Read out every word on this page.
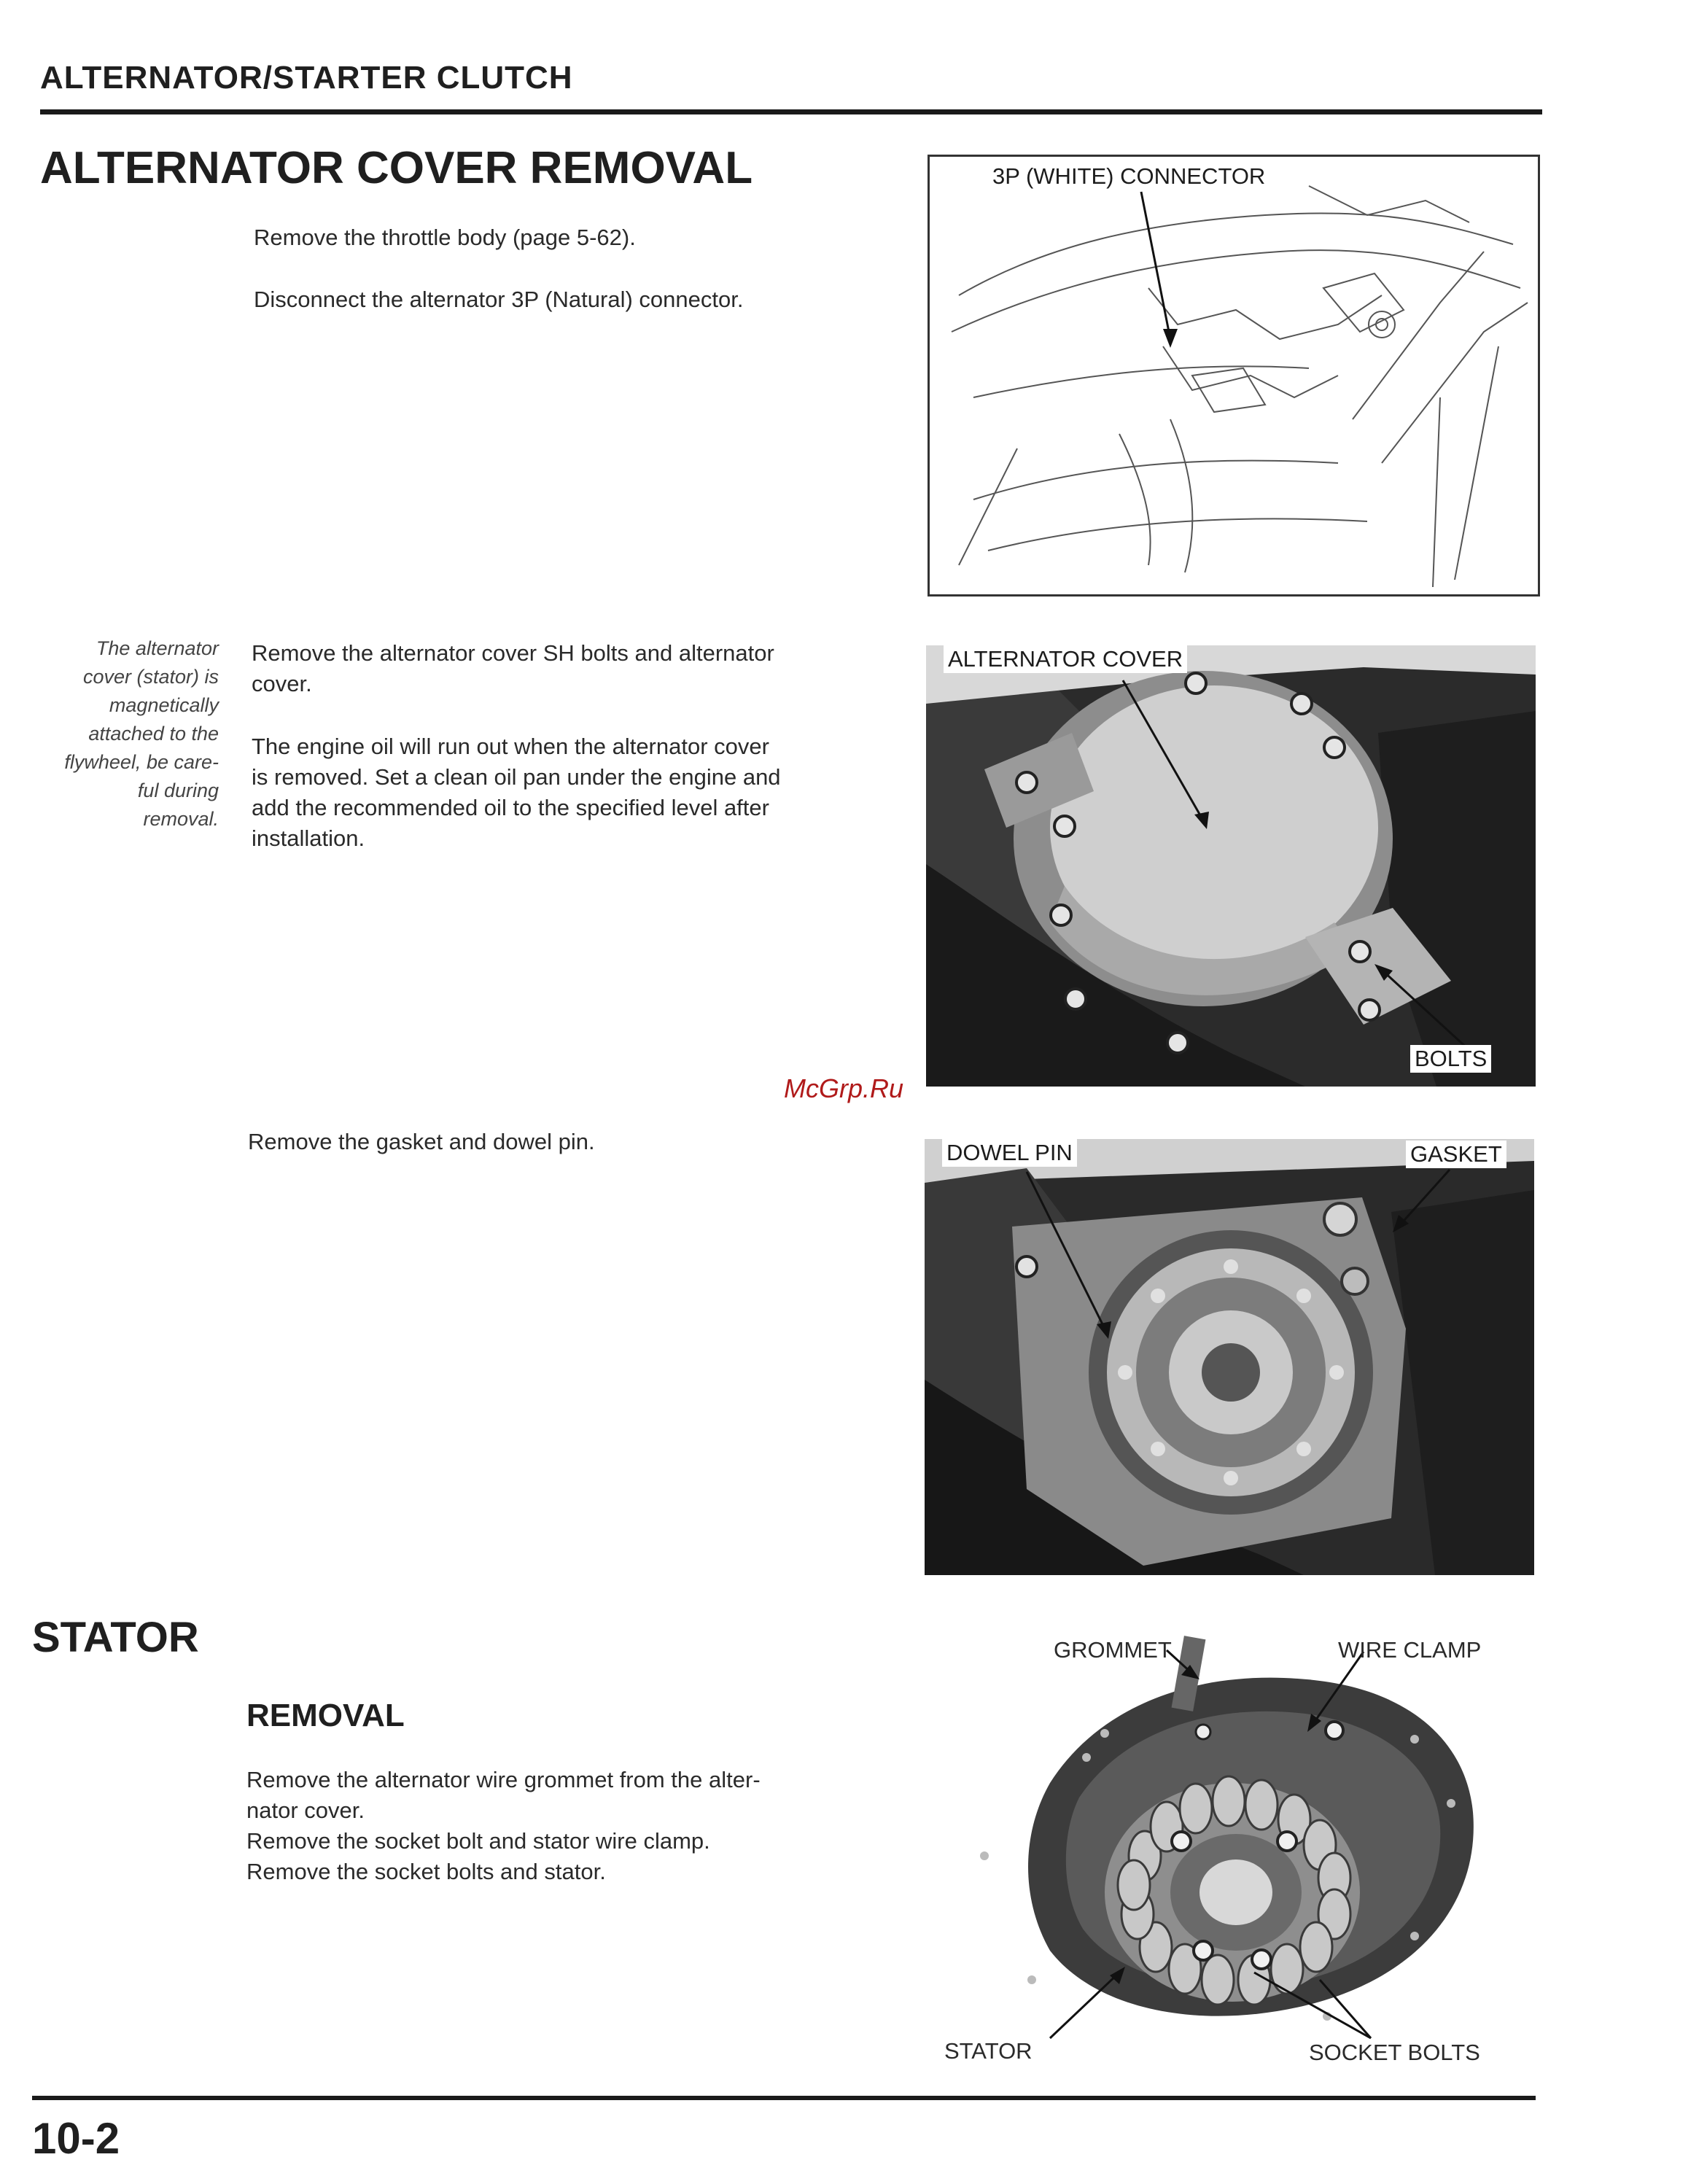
ALTERNATOR/STARTER CLUTCH
ALTERNATOR COVER REMOVAL
Remove the throttle body (page 5-62).
Disconnect the alternator 3P (Natural) connector.
3P (WHITE) CONNECTOR
The alternator
cover (stator) is
magnetically
attached to the
flywheel, be care-
ful during
removal.
Remove the alternator cover SH bolts and alternator
cover.
The engine oil will run out when the alternator cover
is removed. Set a clean oil pan under the engine and
add the recommended oil to the specified level after
installation.
ALTERNATOR COVER
BOLTS
McGrp.Ru
Remove the gasket and dowel pin.	DOWEL PIN	GASKET
STATOR
REMOVAL
Remove the alternator wire grommet from the alter-
nator cover.
Remove the socket bolt and stator wire clamp.
Remove the socket bolts and stator.
GROMMET	WIRE CLAMP
STATOR	SOCKET BOLTS
10-2
